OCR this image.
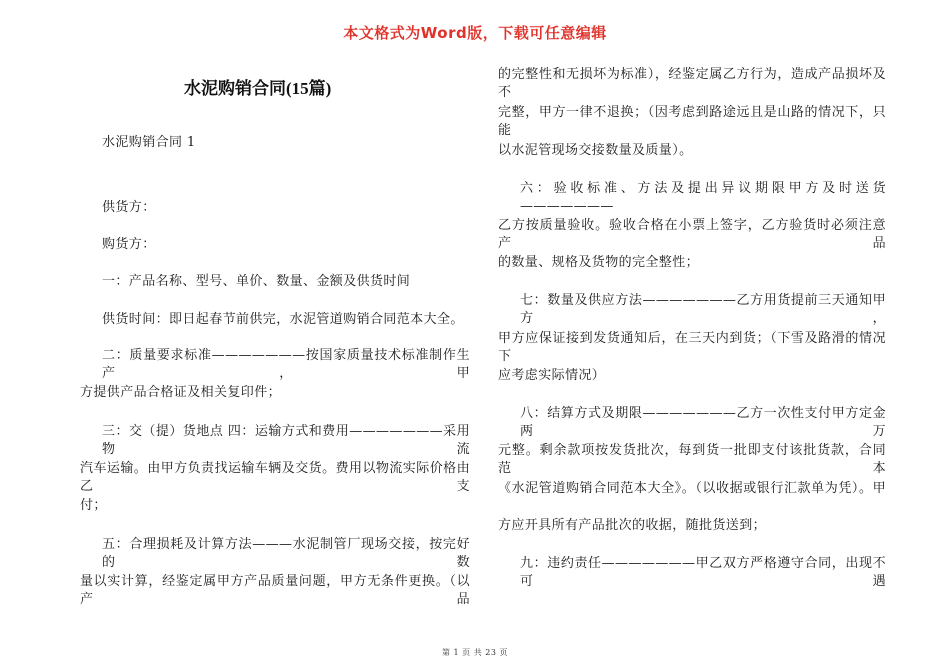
本文格式为Word版，下载可任意编辑
水泥购销合同 1
供货方：
购货方：
一：产品名称、型号、单价、数量、金额及供货时间
供货时间：即日起春节前供完，水泥管道购销合同范本大全。
二：质量要求标准———————按国家质量技术标准制作生产，甲
方提供产品合格证及相关复印件；
三：交（提）货地点 四：运输方式和费用———————采用物流
汽车运输。由甲方负责找运输车辆及交货。费用以物流实际价格由乙支
付；
五：合理损耗及计算方法———水泥制管厂现场交接，按完好的数
量以实计算，经鉴定属甲方产品质量问题，甲方无条件更换。（以产品
水泥购销合同(15篇)
的完整性和无损坏为标准），经鉴定属乙方行为，造成产品损坏及不
完整，甲方一律不退换；（因考虑到路途远且是山路的情况下，只能
以水泥管现场交接数量及质量）。
六：验收标准、方法及提出异议期限甲方及时送货———————
乙方按质量验收。验收合格在小票上签字，乙方验货时必须注意产品
的数量、规格及货物的完全整性；
七：数量及供应方法———————乙方用货提前三天通知甲方，
甲方应保证接到发货通知后，在三天内到货；（下雪及路滑的情况下
应考虑实际情况）
八：结算方式及期限———————乙方一次性支付甲方定金两万
元整。剩余款项按发货批次，每到货一批即支付该批货款，合同范本
《水泥管道购销合同范本大全》。（以收据或银行汇款单为凭）。甲
方应开具所有产品批次的收据，随批货送到；
九：违约责任———————甲乙双方严格遵守合同，出现不可遇
第 1 页 共 23 页
